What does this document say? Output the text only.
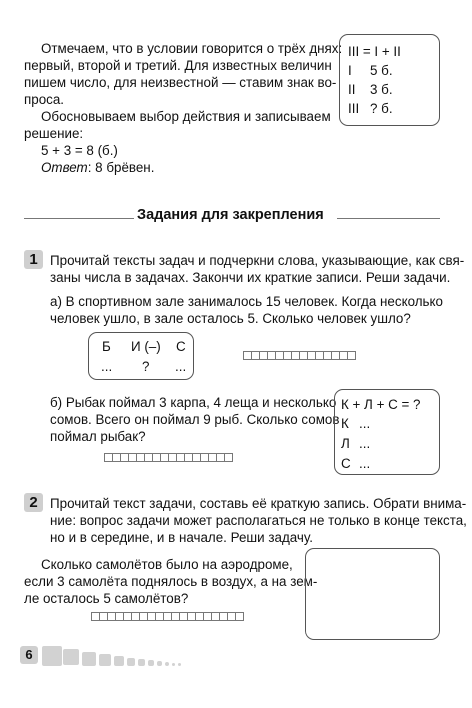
Отмечаем, что в условии говорится о трёх днях:
первый, второй и третий. Для известных величин
пишем число, для неизвестной — ставим знак во-
проса.
Обосновываем выбор действия и записываем
решение:
5 + 3 = 8 (б.)
Ответ: 8 брёвен.
III = I + II
I 5 б.
II 3 б.
III ? б.
Задания для закрепления
1 Прочитай тексты задач и подчеркни слова, указывающие, как свя-
заны числа в задачах. Закончи их краткие записи. Реши задачи.
а) В спортивном зале занималось 15 человек. Когда несколько
человек ушло, в зале осталось 5. Сколько человек ушло?
Б И (–) С
... ? ...
б) Рыбак поймал 3 карпа, 4 леща и несколько
сомов. Всего он поймал 9 рыб. Сколько сомов
поймал рыбак?
К + Л + С = ?
К ...
Л ...
С ...
2 Прочитай текст задачи, составь её краткую запись. Обрати внима-
ние: вопрос задачи может располагаться не только в конце текста,
но и в середине, и в начале. Реши задачу.
Сколько самолётов было на аэродроме,
если 3 самолёта поднялось в воздух, а на зем-
ле осталось 5 самолётов?
6
